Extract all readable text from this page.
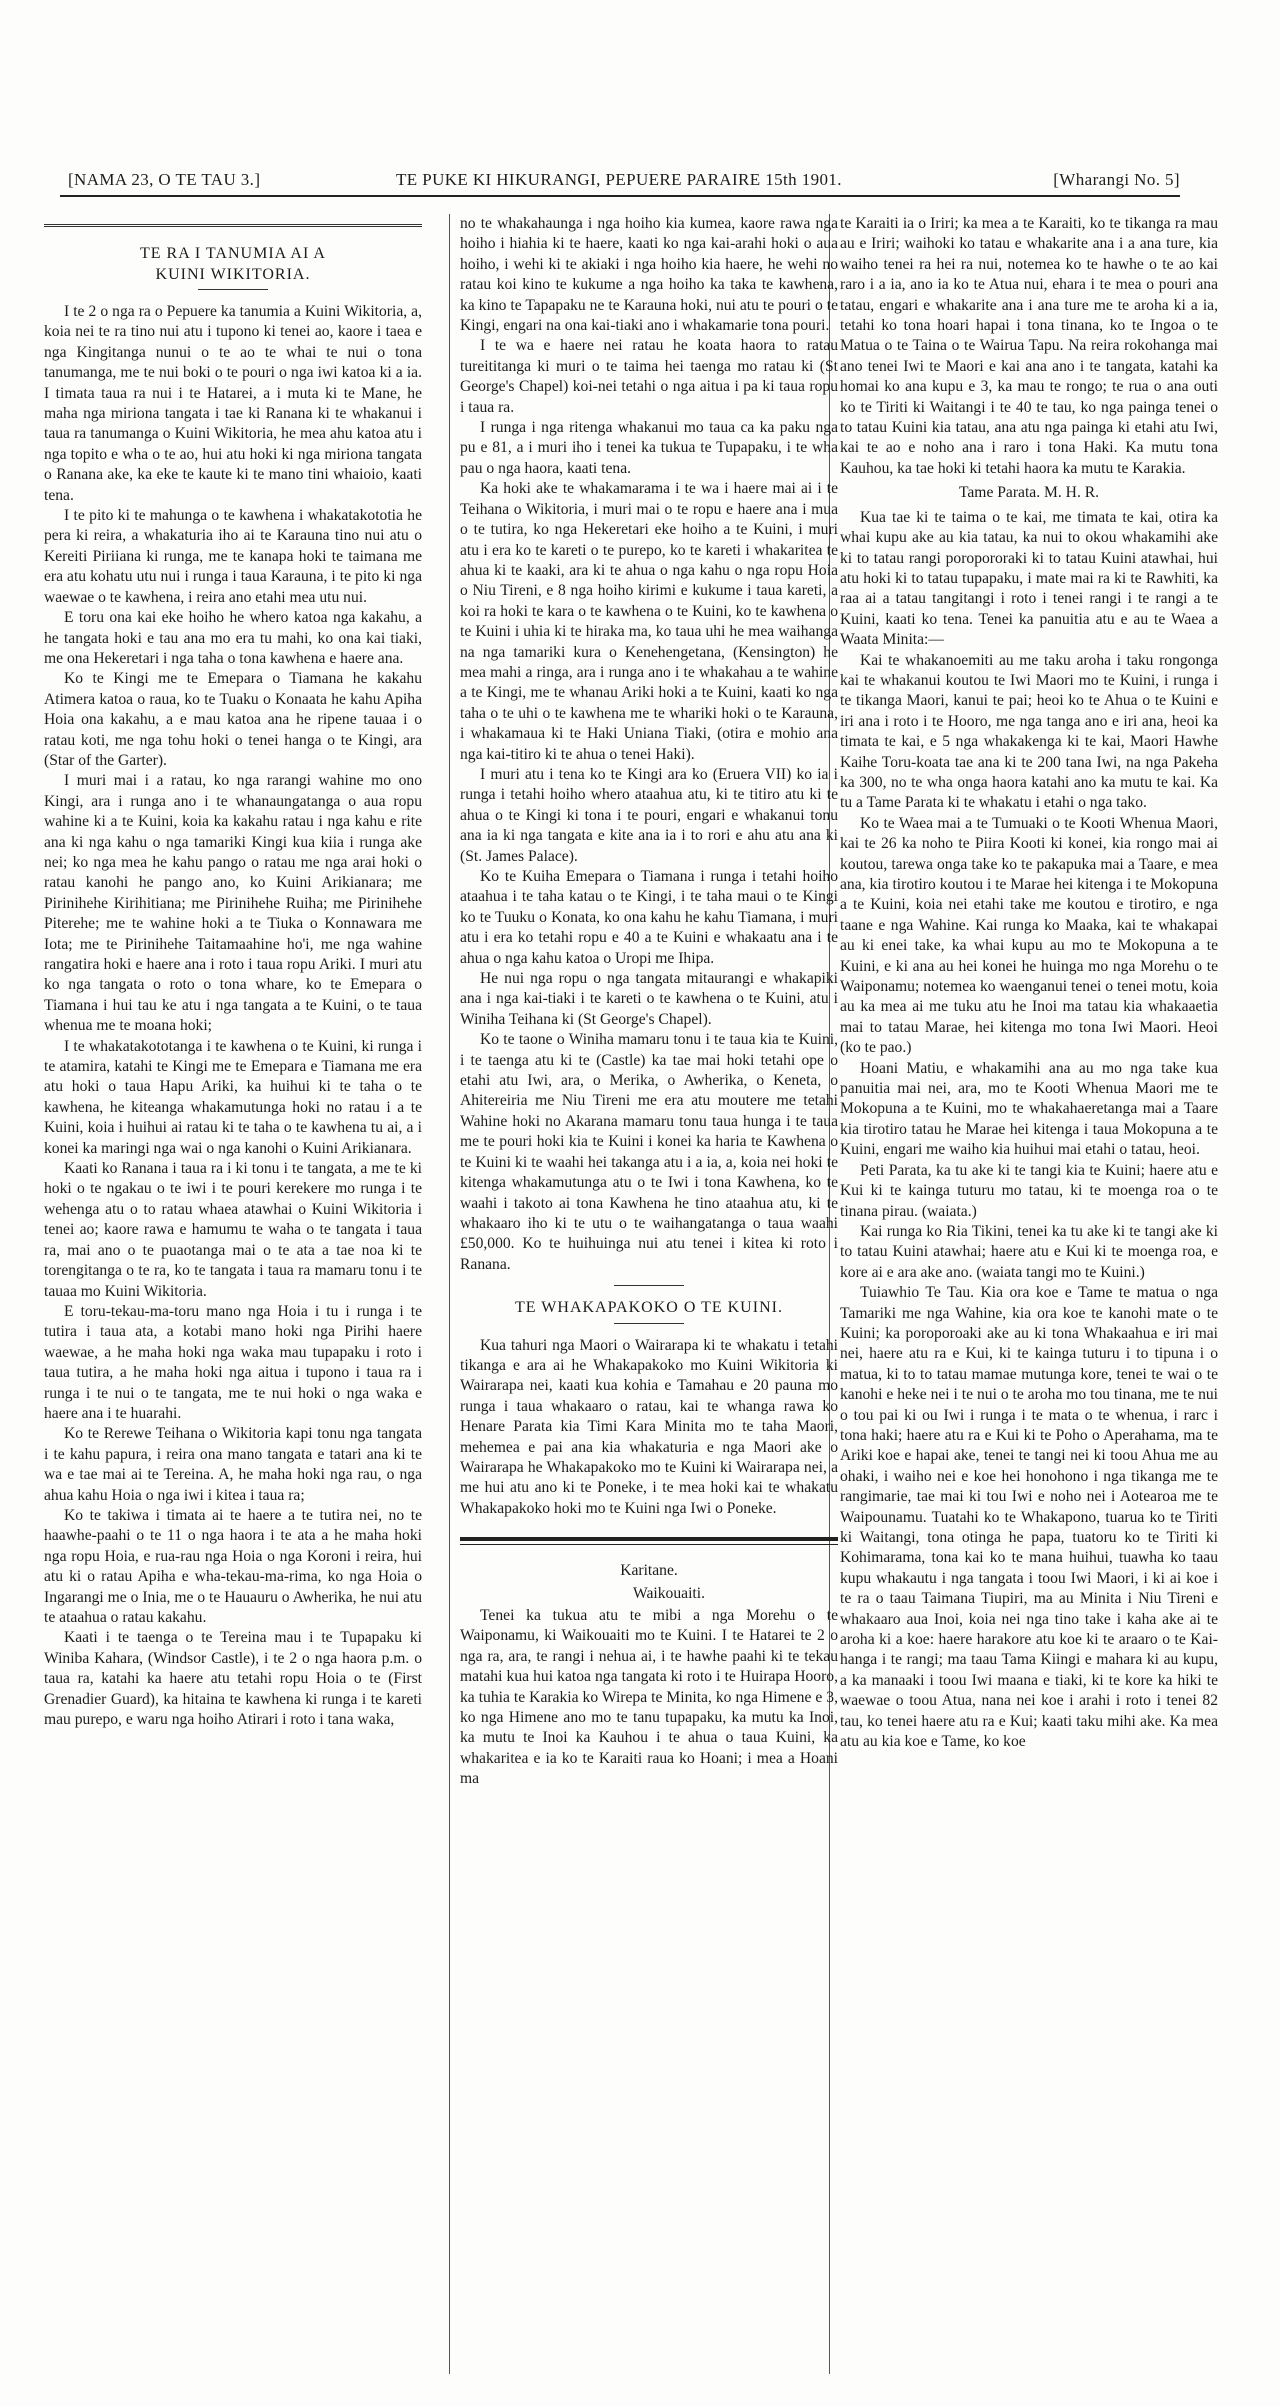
[NAMA 23, O TE TAU 3.]	TE PUKE KI HIKURANGI, PEPUERE PARAIRE 15th 1901.	[Wharangi No. 5]

TE RA I TANUMIA AI A
KUINI WIKITORIA.

I te 2 o nga ra o Pepuere ka tanumia a Kuini Wikitoria, a, koia nei te ra tino nui atu i tupono ki tenei ao, kaore i taea e nga Kingitanga nunui o te ao te whai te nui o tona tanumanga, me te nui boki o te pouri o nga iwi katoa ki a ia. I timata taua ra nui i te Hatarei, a i muta ki te Mane, he maha nga miriona tangata i tae ki Ranana ki te whakanui i taua ra tanumanga o Kuini Wikitoria, he mea ahu katoa atu i nga topito e wha o te ao, hui atu hoki ki nga miriona tangata o Ranana ake, ka eke te kaute ki te mano tini whaioio, kaati tena.

I te pito ki te mahunga o te kawhena i whakatakototia he pera ki reira, a whakaturia iho ai te Karauna tino nui atu o Kereiti Piriiana ki runga, me te kanapa hoki te taimana me era atu kohatu utu nui i runga i taua Karauna, i te pito ki nga waewae o te kawhena, i reira ano etahi mea utu nui.

E toru ona kai eke hoiho he whero katoa nga kakahu, a he tangata hoki e tau ana mo era tu mahi, ko ona kai tiaki, me ona Hekeretari i nga taha o tona kawhena e haere ana.

Ko te Kingi me te Emepara o Tiamana he kakahu Atimera katoa o raua, ko te Tuaku o Konaata he kahu Apiha Hoia ona kakahu, a e mau katoa ana he ripene tauaa i o ratau koti, me nga tohu hoki o tenei hanga o te Kingi, ara (Star of the Garter).

I muri mai i a ratau, ko nga rarangi wahine mo ono Kingi, ara i runga ano i te whanaungatanga o aua ropu wahine ki a te Kuini, koia ka kakahu ratau i nga kahu e rite ana ki nga kahu o nga tamariki Kingi kua kiia i runga ake nei; ko nga mea he kahu pango o ratau me nga arai hoki o ratau kanohi he pango ano, ko Kuini Arikianara; me Pirinihehe Kirihitiana; me Pirinihehe Ruiha; me Pirinihehe Piterehe; me te wahine hoki a te Tiuka o Konnawara me Iota; me te Pirinihehe Taitamaahine ho'i, me nga wahine rangatira hoki e haere ana i roto i taua ropu Ariki. I muri atu ko nga tangata o roto o tona whare, ko te Emepara o Tiamana i hui tau ke atu i nga tangata a te Kuini, o te taua whenua me te moana hoki;

I te whakatakototanga i te kawhena o te Kuini, ki runga i te atamira, katahi te Kingi me te Emepara e Tiamana me era atu hoki o taua Hapu Ariki, ka huihui ki te taha o te kawhena, he kiteanga whakamutunga hoki no ratau i a te Kuini, koia i huihui ai ratau ki te taha o te kawhena tu ai, a i konei ka maringi nga wai o nga kanohi o Kuini Arikianara.

Kaati ko Ranana i taua ra i ki tonu i te tangata, a me te ki hoki o te ngakau o te iwi i te pouri kerekere mo runga i te wehenga atu o to ratau whaea atawhai o Kuini Wikitoria i tenei ao; kaore rawa e hamumu te waha o te tangata i taua ra, mai ano o te puaotanga mai o te ata a tae noa ki te torengitanga o te ra, ko te tangata i taua ra mamaru tonu i te tauaa mo Kuini Wikitoria.

E toru-tekau-ma-toru mano nga Hoia i tu i runga i te tutira i taua ata, a kotabi mano hoki nga Pirihi haere waewae, a he maha hoki nga waka mau tupapaku i roto i taua tutira, a he maha hoki nga aitua i tupono i taua ra i runga i te nui o te tangata, me te nui hoki o nga waka e haere ana i te huarahi.

Ko te Rerewe Teihana o Wikitoria kapi tonu nga tangata i te kahu papura, i reira ona mano tangata e tatari ana ki te wa e tae mai ai te Tereina. A, he maha hoki nga rau, o nga ahua kahu Hoia o nga iwi i kitea i taua ra;

Ko te takiwa i timata ai te haere a te tutira nei, no te haawhe-paahi o te 11 o nga haora i te ata a he maha hoki nga ropu Hoia, e rua-rau nga Hoia o nga Koroni i reira, hui atu ki o ratau Apiha e wha-tekau-ma-rima, ko nga Hoia o Ingarangi me o Inia, me o te Hauauru o Awherika, he nui atu te ataahua o ratau kakahu.

Kaati i te taenga o te Tereina mau i te Tupapaku ki Winiba Kahara, (Windsor Castle), i te 2 o nga haora p.m. o taua ra, katahi ka haere atu tetahi ropu Hoia o te (First Grenadier Guard), ka hitaina te kawhena ki runga i te kareti mau purepo, e waru nga hoiho Atirari i roto i tana waka,

no te whakahaunga i nga hoiho kia kumea, kaore rawa nga hoiho i hiahia ki te haere, kaati ko nga kai-arahi hoki o aua hoiho, i wehi ki te akiaki i nga hoiho kia haere, he wehi no ratau koi kino te kukume a nga hoiho ka taka te kawhena, ka kino te Tapapaku ne te Karauna hoki, nui atu te pouri o te Kingi, engari na ona kai-tiaki ano i whakamarie tona pouri.

I te wa e haere nei ratau he koata haora to ratau tureititanga ki muri o te taima hei taenga mo ratau ki (St George's Chapel) koi-nei tetahi o nga aitua i pa ki taua ropu i taua ra.

I runga i nga ritenga whakanui mo taua ca ka paku nga pu e 81, a i muri iho i tenei ka tukua te Tupapaku, i te wha pau o nga haora, kaati tena.

Ka hoki ake te whakamarama i te wa i haere mai ai i te Teihana o Wikitoria, i muri mai o te ropu e haere ana i mua o te tutira, ko nga Hekeretari eke hoiho a te Kuini, i muri atu i era ko te kareti o te purepo, ko te kareti i whakaritea te ahua ki te kaaki, ara ki te ahua o nga kahu o nga ropu Hoia o Niu Tireni, e 8 nga hoiho kirimi e kukume i taua kareti, a koi ra hoki te kara o te kawhena o te Kuini, ko te kawhena o te Kuini i uhia ki te hiraka ma, ko taua uhi he mea waihanga na nga tamariki kura o Kenehengetana, (Kensington) he mea mahi a ringa, ara i runga ano i te whakahau a te wahine a te Kingi, me te whanau Ariki hoki a te Kuini, kaati ko nga taha o te uhi o te kawhena me te whariki hoki o te Karauna, i whakamaua ki te Haki Uniana Tiaki, (otira e mohio ana nga kai-titiro ki te ahua o tenei Haki).

I muri atu i tena ko te Kingi ara ko (Eruera VII) ko ia i runga i tetahi hoiho whero ataahua atu, ki te titiro atu ki te ahua o te Kingi ki tona i te pouri, engari e whakanui tonu ana ia ki nga tangata e kite ana ia i to rori e ahu atu ana ki (St. James Palace).

Ko te Kuiha Emepara o Tiamana i runga i tetahi hoiho ataahua i te taha katau o te Kingi, i te taha maui o te Kingi ko te Tuuku o Konata, ko ona kahu he kahu Tiamana, i muri atu i era ko tetahi ropu e 40 a te Kuini e whakaatu ana i te ahua o nga kahu katoa o Uropi me Ihipa.

He nui nga ropu o nga tangata mitaurangi e whakapiki ana i nga kai-tiaki i te kareti o te kawhena o te Kuini, atu i Winiha Teihana ki (St George's Chapel).

Ko te taone o Winiha mamaru tonu i te taua kia te Kuini, i te taenga atu ki te (Castle) ka tae mai hoki tetahi ope o etahi atu Iwi, ara, o Merika, o Awherika, o Keneta, o Ahitereiria me Niu Tireni me era atu moutere me tetahi Wahine hoki no Akarana mamaru tonu taua hunga i te taua me te pouri hoki kia te Kuini i konei ka haria te Kawhena o te Kuini ki te waahi hei takanga atu i a ia, a, koia nei hoki te kitenga whakamutunga atu o te Iwi i tona Kawhena, ko te waahi i takoto ai tona Kawhena he tino ataahua atu, ki te whakaaro iho ki te utu o te waihangatanga o taua waahi £50,000. Ko te huihuinga nui atu tenei i kitea ki roto i Ranana.

TE WHAKAPAKOKO O TE KUINI.

Kua tahuri nga Maori o Wairarapa ki te whakatu i tetahi tikanga e ara ai he Whakapakoko mo Kuini Wikitoria ki Wairarapa nei, kaati kua kohia e Tamahau e 20 pauna mo runga i taua whakaaro o ratau, kai te whanga rawa ko Henare Parata kia Timi Kara Minita mo te taha Maori, mehemea e pai ana kia whakaturia e nga Maori ake o Wairarapa he Whakapakoko mo te Kuini ki Wairarapa nei, a me hui atu ano ki te Poneke, i te mea hoki kai te whakatu Whakapakoko hoki mo te Kuini nga Iwi o Poneke.

Karitane.

Waikouaiti.

Tenei ka tukua atu te mibi a nga Morehu o te Waiponamu, ki Waikouaiti mo te Kuini. I te Hatarei te 2 o nga ra, ara, te rangi i nehua ai, i te hawhe paahi ki te tekau matahi kua hui katoa nga tangata ki roto i te Huirapa Hooro, ka tuhia te Karakia ko Wirepa te Minita, ko nga Himene e 3, ko nga Himene ano mo te tanu tupapaku, ka mutu ka Inoi, ka mutu te Inoi ka Kauhou i te ahua o taua Kuini, ka whakaritea e ia ko te Karaiti raua ko Hoani; i mea a Hoani ma

te Karaiti ia o Iriri; ka mea a te Karaiti, ko te tikanga ra mau au e Iriri; waihoki ko tatau e whakarite ana i a ana ture, kia waiho tenei ra hei ra nui, notemea ko te hawhe o te ao kai raro i a ia, ano ia ko te Atua nui, ehara i te mea o pouri ana tatau, engari e whakarite ana i ana ture me te aroha ki a ia, tetahi ko tona hoari hapai i tona tinana, ko te Ingoa o te Matua o te Taina o te Wairua Tapu. Na reira rokohanga mai ano tenei Iwi te Maori e kai ana ano i te tangata, katahi ka homai ko ana kupu e 3, ka mau te rongo; te rua o ana outi ko te Tiriti ki Waitangi i te 40 te tau, ko nga painga tenei o to tatau Kuini kia tatau, ana atu nga painga ki etahi atu Iwi, kai te ao e noho ana i raro i tona Haki. Ka mutu tona Kauhou, ka tae hoki ki tetahi haora ka mutu te Karakia.

Tame Parata. M. H. R.

Kua tae ki te taima o te kai, me timata te kai, otira ka whai kupu ake au kia tatau, ka nui to okou whakamihi ake ki to tatau rangi poropororaki ki to tatau Kuini atawhai, hui atu hoki ki to tatau tupapaku, i mate mai ra ki te Rawhiti, ka raa ai a tatau tangitangi i roto i tenei rangi i te rangi a te Kuini, kaati ko tena. Tenei ka panuitia atu e au te Waea a Waata Minita:—

Kai te whakanoemiti au me taku aroha i taku rongonga kai te whakanui koutou te Iwi Maori mo te Kuini, i runga i te tikanga Maori, kanui te pai; heoi ko te Ahua o te Kuini e iri ana i roto i te Hooro, me nga tanga ano e iri ana, heoi ka timata te kai, e 5 nga whakakenga ki te kai, Maori Hawhe Kaihe Toru-koata tae ana ki te 200 tana Iwi, na nga Pakeha ka 300, no te wha onga haora katahi ano ka mutu te kai. Ka tu a Tame Parata ki te whakatu i etahi o nga tako.

Ko te Waea mai a te Tumuaki o te Kooti Whenua Maori, kai te 26 ka noho te Piira Kooti ki konei, kia rongo mai ai koutou, tarewa onga take ko te pakapuka mai a Taare, e mea ana, kia tirotiro koutou i te Marae hei kitenga i te Mokopuna a te Kuini, koia nei etahi take me koutou e tirotiro, e nga taane e nga Wahine. Kai runga ko Maaka, kai te whakapai au ki enei take, ka whai kupu au mo te Mokopuna a te Kuini, e ki ana au hei konei he huinga mo nga Morehu o te Waiponamu; notemea ko waenganui tenei o tenei motu, koia au ka mea ai me tuku atu he Inoi ma tatau kia whakaaetia mai to tatau Marae, hei kitenga mo tona Iwi Maori. Heoi (ko te pao.)

Hoani Matiu, e whakamihi ana au mo nga take kua panuitia mai nei, ara, mo te Kooti Whenua Maori me te Mokopuna a te Kuini, mo te whakahaeretanga mai a Taare kia tirotiro tatau he Marae hei kitenga i taua Mokopuna a te Kuini, engari me waiho kia huihui mai etahi o tatau, heoi.

Peti Parata, ka tu ake ki te tangi kia te Kuini; haere atu e Kui ki te kainga tuturu mo tatau, ki te moenga roa o te tinana pirau. (waiata.)

Kai runga ko Ria Tikini, tenei ka tu ake ki te tangi ake ki to tatau Kuini atawhai; haere atu e Kui ki te moenga roa, e kore ai e ara ake ano. (waiata tangi mo te Kuini.)

Tuiawhio Te Tau. Kia ora koe e Tame te matua o nga Tamariki me nga Wahine, kia ora koe te kanohi mate o te Kuini; ka poroporoaki ake au ki tona Whakaahua e iri mai nei, haere atu ra e Kui, ki te kainga tuturu i to tipuna i o matua, ki to to tatau mamae mutunga kore, tenei te wai o te kanohi e heke nei i te nui o te aroha mo tou tinana, me te nui o tou pai ki ou Iwi i runga i te mata o te whenua, i rarc i tona haki; haere atu ra e Kui ki te Poho o Aperahama, ma te Ariki koe e hapai ake, tenei te tangi nei ki toou Ahua me au ohaki, i waiho nei e koe hei honohono i nga tikanga me te rangimarie, tae mai ki tou Iwi e noho nei i Aotearoa me te Waipounamu. Tuatahi ko te Whakapono, tuarua ko te Tiriti ki Waitangi, tona otinga he papa, tuatoru ko te Tiriti ki Kohimarama, tona kai ko te mana huihui, tuawha ko taau kupu whakautu i nga tangata i toou Iwi Maori, i ki ai koe i te ra o taau Taimana Tiupiri, ma au Minita i Niu Tireni e whakaaro aua Inoi, koia nei nga tino take i kaha ake ai te aroha ki a koe: haere harakore atu koe ki te araaro o te Kai-hanga i te rangi; ma taau Tama Kiingi e mahara ki au kupu, a ka manaaki i toou Iwi maana e tiaki, ki te kore ka hiki te waewae o toou Atua, nana nei koe i arahi i roto i tenei 82 tau, ko tenei haere atu ra e Kui; kaati taku mihi ake. Ka mea atu au kia koe e Tame, ko koe
